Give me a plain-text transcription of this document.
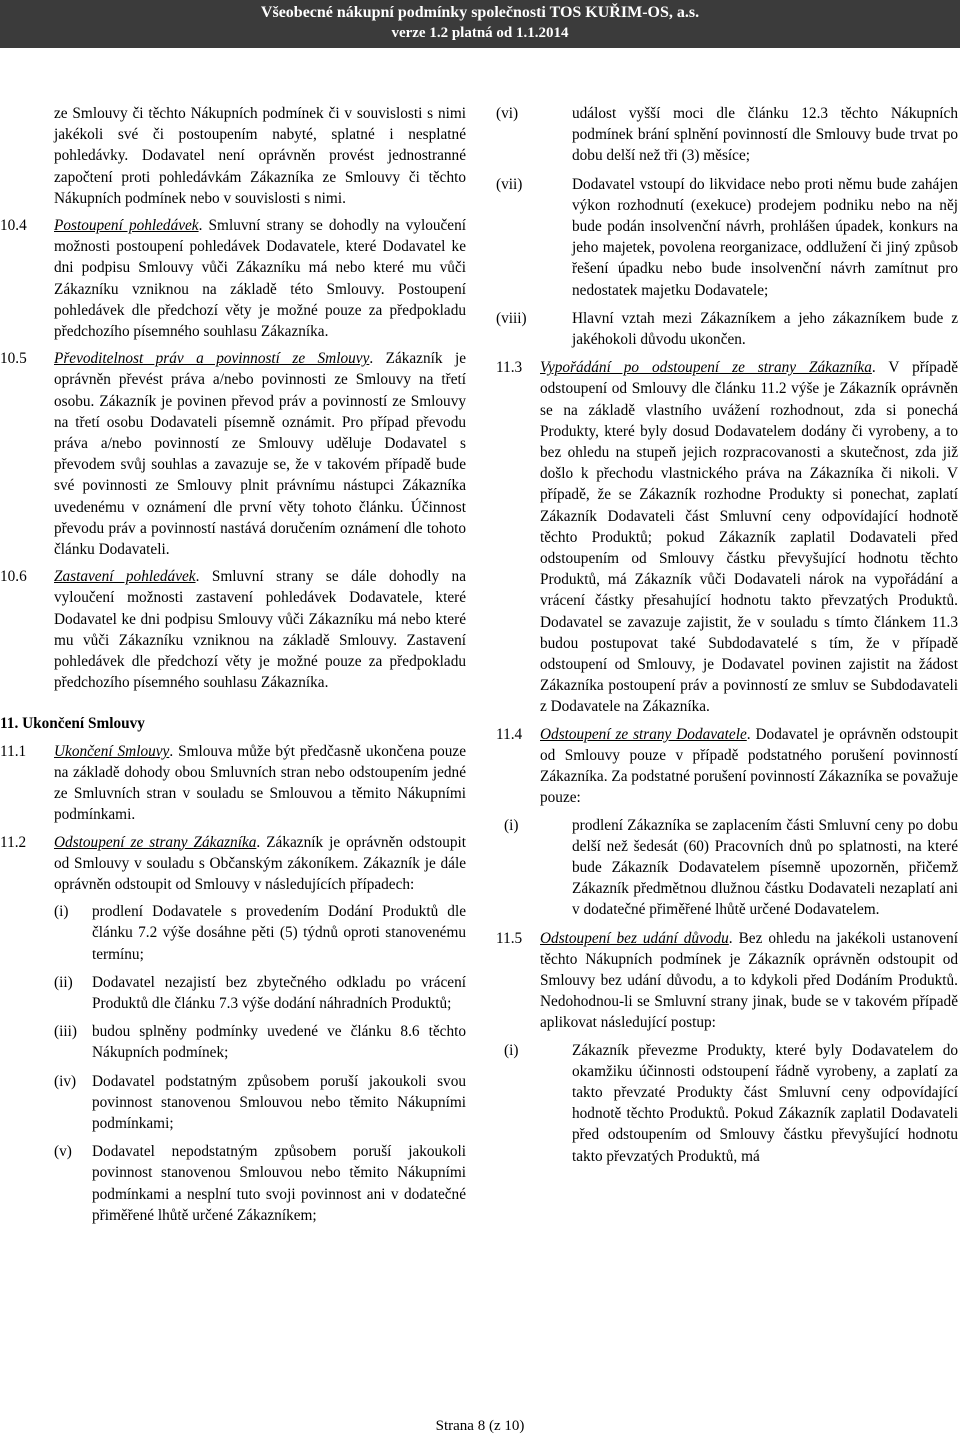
Všeobecné nákupní podmínky společnosti TOS KUŘIM-OS, a.s.
verze 1.2 platná od 1.1.2014

ze Smlouvy či těchto Nákupních podmínek či v souvislosti s nimi jakékoli své či postoupením nabyté, splatné i nesplatné pohledávky. Dodavatel není oprávněn provést jednostranné započtení proti pohledávkám Zákazníka ze Smlouvy či těchto Nákupních podmínek nebo v souvislosti s nimi.

10.4 Postoupení pohledávek. Smluvní strany se dohodly na vyloučení možnosti postoupení pohledávek Dodavatele, které Dodavatel ke dni podpisu Smlouvy vůči Zákazníku má nebo které mu vůči Zákazníku vzniknou na základě této Smlouvy. Postoupení pohledávek dle předchozí věty je možné pouze za předpokladu předchozího písemného souhlasu Zákazníka.
10.5 Převoditelnost práv a povinností ze Smlouvy. Zákazník je oprávněn převést práva a/nebo povinnosti ze Smlouvy na třetí osobu. Zákazník je povinen převod práv a povinností ze Smlouvy na třetí osobu Dodavateli písemně oznámit. Pro případ převodu práva a/nebo povinností ze Smlouvy uděluje Dodavatel s převodem svůj souhlas a zavazuje se, že v takovém případě bude své povinnosti ze Smlouvy plnit právnímu nástupci Zákazníka uvedenému v oznámení dle první věty tohoto článku. Účinnost převodu práv a povinností nastává doručením oznámení dle tohoto článku Dodavateli.
10.6 Zastavení pohledávek. Smluvní strany se dále dohodly na vyloučení možnosti zastavení pohledávek Dodavatele, které Dodavatel ke dni podpisu Smlouvy vůči Zákazníku má nebo které mu vůči Zákazníku vzniknou na základě Smlouvy. Zastavení pohledávek dle předchozí věty je možné pouze za předpokladu předchozího písemného souhlasu Zákazníka.

11. Ukončení Smlouvy

11.1 Ukončení Smlouvy. Smlouva může být předčasně ukončena pouze na základě dohody obou Smluvních stran nebo odstoupením jedné ze Smluvních stran v souladu se Smlouvou a těmito Nákupními podmínkami.
11.2 Odstoupení ze strany Zákazníka. Zákazník je oprávněn odstoupit od Smlouvy v souladu s Občanským zákoníkem. Zákazník je dále oprávněn odstoupit od Smlouvy v následujících případech:
(i) prodlení Dodavatele s provedením Dodání Produktů dle článku 7.2 výše dosáhne pěti (5) týdnů oproti stanovenému termínu;
(ii) Dodavatel nezajistí bez zbytečného odkladu po vrácení Produktů dle článku 7.3 výše dodání náhradních Produktů;
(iii) budou splněny podmínky uvedené ve článku 8.6 těchto Nákupních podmínek;
(iv) Dodavatel podstatným způsobem poruší jakoukoli svou povinnost stanovenou Smlouvou nebo těmito Nákupními podmínkami;
(v) Dodavatel nepodstatným způsobem poruší jakoukoli povinnost stanovenou Smlouvou nebo těmito Nákupními podmínkami a nesplní tuto svoji povinnost ani v dodatečné přiměřené lhůtě určené Zákazníkem;
(vi)	událost vyšší moci dle článku 12.3 těchto Nákupních podmínek brání splnění povinností dle Smlouvy bude trvat po dobu delší než tři (3) měsíce;
(vii)	Dodavatel vstoupí do likvidace nebo proti němu bude zahájen výkon rozhodnutí (exekuce) prodejem podniku nebo na něj bude podán insolvenční návrh, prohlášen úpadek, konkurs na jeho majetek, povolena reorganizace, oddlužení či jiný způsob řešení úpadku nebo bude insolvenční návrh zamítnut pro nedostatek majetku Dodavatele;
(viii)	Hlavní vztah mezi Zákazníkem a jeho zákazníkem bude z jakéhokoli důvodu ukončen.
11.3 Vypořádání po odstoupení ze strany Zákazníka. V případě odstoupení od Smlouvy dle článku 11.2 výše je Zákazník oprávněn se na základě vlastního uvážení rozhodnout, zda si ponechá Produkty, které byly dosud Dodavatelem dodány či vyrobeny, a to bez ohledu na stupeň jejich rozpracovanosti a skutečnost, zda již došlo k přechodu vlastnického práva na Zákazníka či nikoli. V případě, že se Zákazník rozhodne Produkty si ponechat, zaplatí Zákazník Dodavateli část Smluvní ceny odpovídající hodnotě těchto Produktů; pokud Zákazník zaplatil Dodavateli před odstoupením od Smlouvy částku převyšující hodnotu těchto Produktů, má Zákazník vůči Dodavateli nárok na vypořádání a vrácení částky přesahující hodnotu takto převzatých Produktů. Dodavatel se zavazuje zajistit, že v souladu s tímto článkem 11.3 budou postupovat také Subdodavatelé s tím, že v případě odstoupení od Smlouvy, je Dodavatel povinen zajistit na žádost Zákazníka postoupení práv a povinností ze smluv se Subdodavateli z Dodavatele na Zákazníka.
11.4 Odstoupení ze strany Dodavatele. Dodavatel je oprávněn odstoupit od Smlouvy pouze v případě podstatného porušení povinností Zákazníka. Za podstatné porušení povinností Zákazníka se považuje pouze:
(i)	prodlení Zákazníka se zaplacením části Smluvní ceny po dobu delší než šedesát (60) Pracovních dnů po splatnosti, na které bude Zákazník Dodavatelem písemně upozorněn, přičemž Zákazník předmětnou dlužnou částku Dodavateli nezaplatí ani v dodatečné přiměřené lhůtě určené Dodavatelem.
11.5 Odstoupení bez udání důvodu. Bez ohledu na jakékoli ustanovení těchto Nákupních podmínek je Zákazník oprávněn odstoupit od Smlouvy bez udání důvodu, a to kdykoli před Dodáním Produktů. Nedohodnou-li se Smluvní strany jinak, bude se v takovém případě aplikovat následující postup:
(i)	Zákazník převezme Produkty, které byly Dodavatelem do okamžiku účinnosti odstoupení řádně vyrobeny, a zaplatí za takto převzaté Produkty část Smluvní ceny odpovídající hodnotě těchto Produktů. Pokud Zákazník zaplatil Dodavateli před odstoupením od Smlouvy částku převyšující hodnotu takto převzatých Produktů, má
Strana 8 (z 10)
